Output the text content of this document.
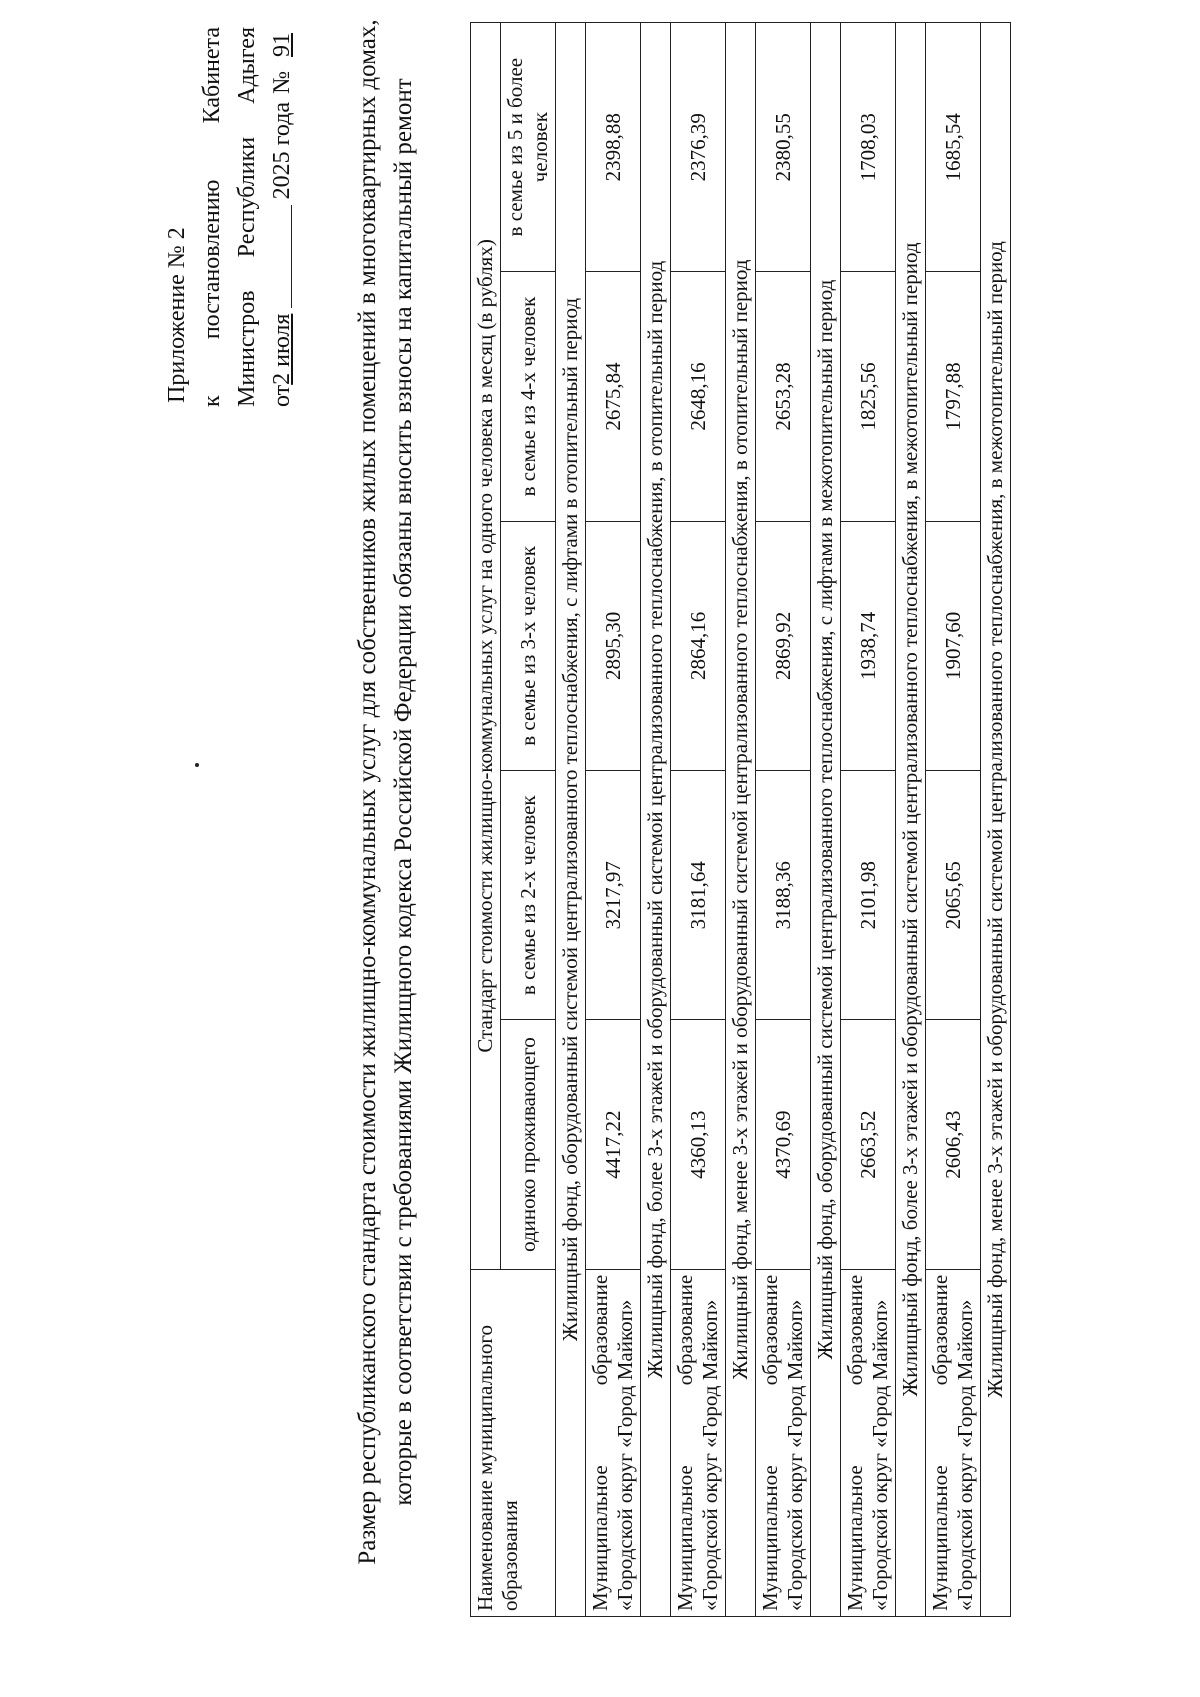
Приложение № 2 к
постановлению
Кабинета
Министров
Республики
Адыгея
от
2 июля
2025 года
№
91 Размер республиканского стандарта стоимости жилищно-коммунальных услуг для собственников жилых помещений в многоквартирных домах, которые в соответствии с требованиями Жилищного кодекса Российской Федерации обязаны вносить взносы на капитальный ремонт	Наименование муниципального образования	Стандарт стоимости жилищно-коммунальных услуг на одного человека в месяц (в рублях)				
	одиноко проживающего	в семье из 2-х человек	в семье из 3-х человек	в семье из 4-х человек	в семье из 5 и более человек
Жилищный фонд, оборудованный системой централизованного теплоснабжения, с лифтами в отопительный период					
Муниципальное образование «Городской округ «Город Майкоп»	4417,22	3217,97	2895,30	2675,84	2398,88
Жилищный фонд, более 3-х этажей и оборудованный системой централизованного теплоснабжения, в отопительный период					
Муниципальное образование «Городской округ «Город Майкоп»	4360,13	3181,64	2864,16	2648,16	2376,39
Жилищный фонд, менее 3-х этажей и оборудованный системой централизованного теплоснабжения, в отопительный период					
Муниципальное образование «Городской округ «Город Майкоп»	4370,69	3188,36	2869,92	2653,28	2380,55
Жилищный фонд, оборудованный системой централизованного теплоснабжения, с лифтами в межотопительный период					
Муниципальное образование «Городской округ «Город Майкоп»	2663,52	2101,98	1938,74	1825,56	1708,03
Жилищный фонд, более 3-х этажей и оборудованный системой централизованного теплоснабжения, в межотопительный период					
Муниципальное образование «Городской округ «Город Майкоп»	2606,43	2065,65	1907,60	1797,88	1685,54
Жилищный фонд, менее 3-х этажей и оборудованный системой централизованного теплоснабжения, в межотопительный период					
